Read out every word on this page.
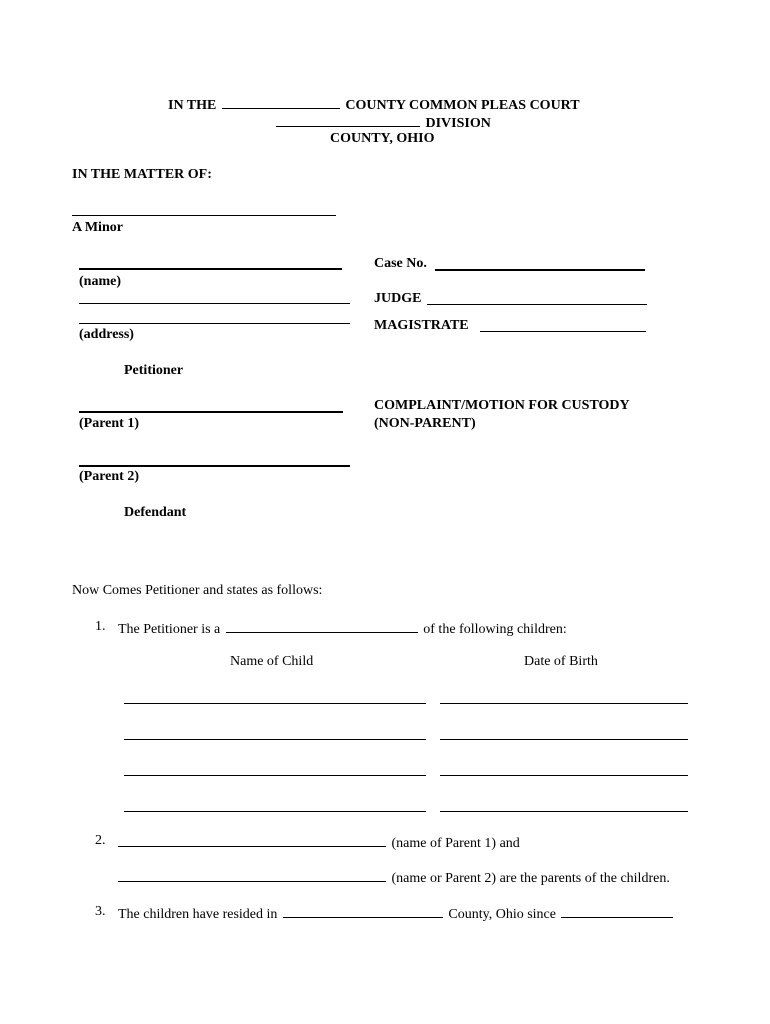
IN THE	COUNTY COMMON PLEAS COURT
DIVISION
COUNTY, OHIO
IN THE MATTER OF:
A Minor
(name)
(address)
Petitioner
(Parent 1)
(Parent 2)
Defendant
Case No.
JUDGE
MAGISTRATE
COMPLAINT/MOTION FOR CUSTODY
(NON-PARENT)
Now Comes Petitioner and states as follows:
1. The Petitioner is a	of the following children:
Name of Child	Date of Birth
2.	(name of Parent 1) and
(name or Parent 2) are the parents of the children.
3. The children have resided in	County, Ohio since
